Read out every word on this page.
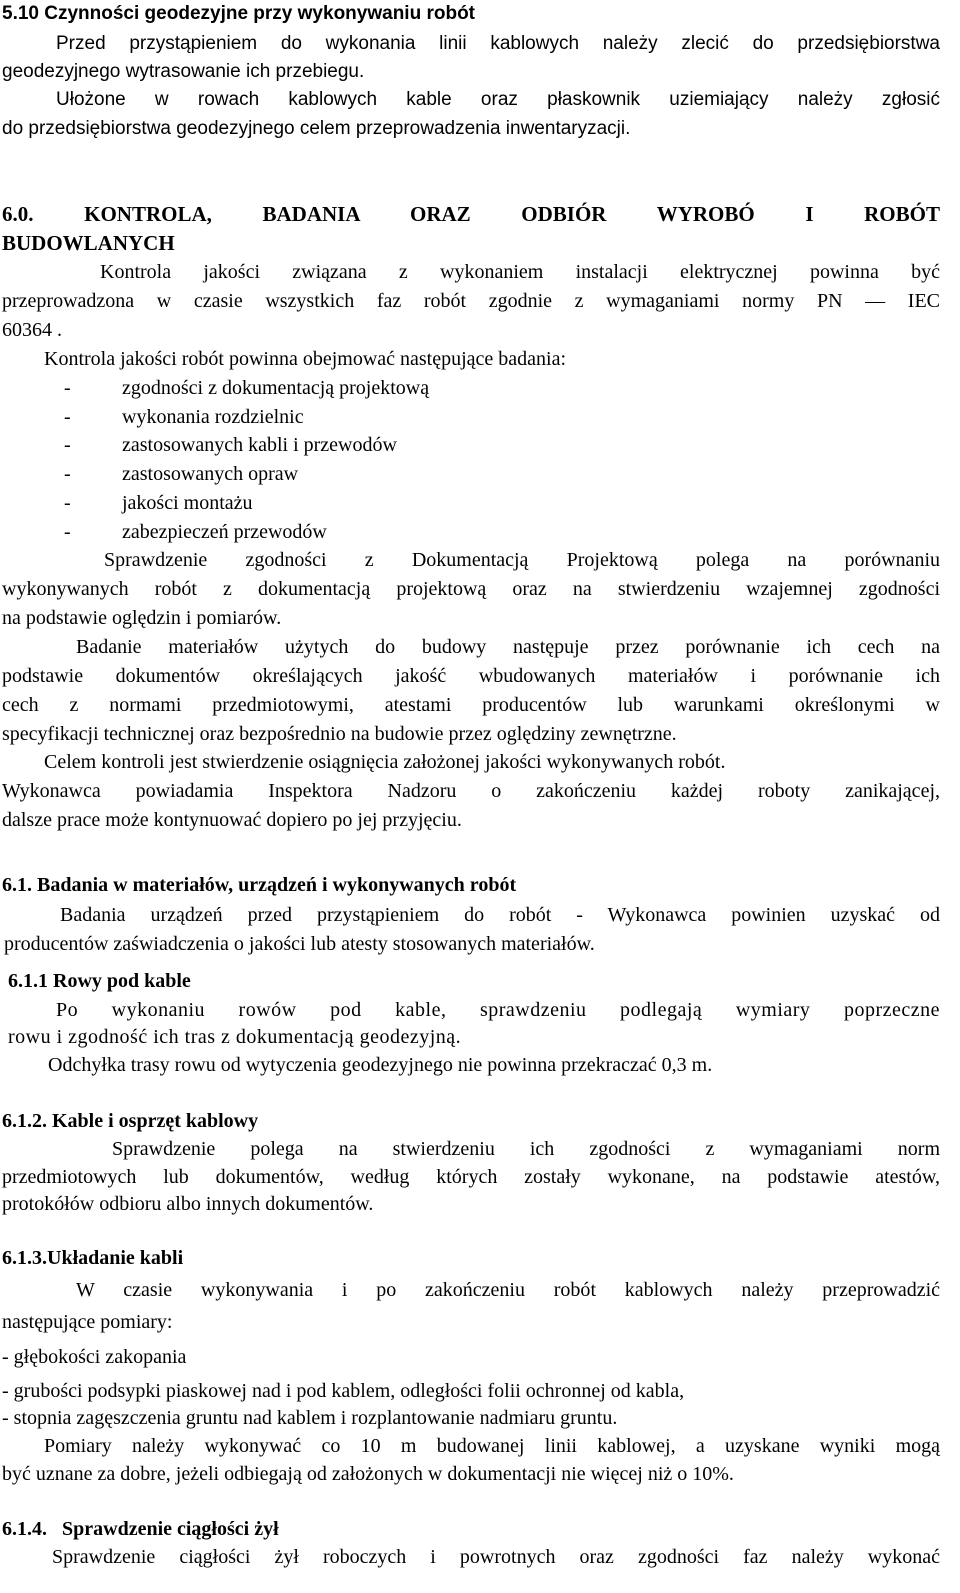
5.10 Czynności geodezyjne przy wykonywaniu robót
Przed przystąpieniem do wykonania linii kablowych należy zlecić do przedsiębiorstwa
geodezyjnego wytrasowanie ich przebiegu.
Ułożone w rowach kablowych kable oraz płaskownik uziemiający należy zgłosić
do przedsiębiorstwa geodezyjnego celem przeprowadzenia inwentaryzacji.
6.0. KONTROLA, BADANIA ORAZ ODBIÓR WYROBÓ I ROBÓT
BUDOWLANYCH
Kontrola jakości związana z wykonaniem instalacji elektrycznej powinna być
przeprowadzona w czasie wszystkich faz robót zgodnie z wymaganiami normy PN — IEC
60364 .
Kontrola jakości robót powinna obejmować następujące badania:
-	zgodności z dokumentacją projektową
-	wykonania rozdzielnic
-	zastosowanych kabli i przewodów
-	zastosowanych opraw
-	jakości montażu
-	zabezpieczeń przewodów
Sprawdzenie zgodności z Dokumentacją Projektową polega na porównaniu
wykonywanych robót z dokumentacją projektową oraz na stwierdzeniu wzajemnej zgodności
na podstawie oględzin i pomiarów.
Badanie materiałów użytych do budowy następuje przez porównanie ich cech na
podstawie dokumentów określających jakość wbudowanych materiałów i porównanie ich
cech z normami przedmiotowymi, atestami producentów lub warunkami określonymi w
specyfikacji technicznej oraz bezpośrednio na budowie przez oględziny zewnętrzne.
Celem kontroli jest stwierdzenie osiągnięcia założonej jakości wykonywanych robót.
Wykonawca powiadamia Inspektora Nadzoru o zakończeniu każdej roboty zanikającej,
dalsze prace może kontynuować dopiero po jej przyjęciu.
6.1. Badania w materiałów, urządzeń i wykonywanych robót
Badania urządzeń przed przystąpieniem do robót - Wykonawca powinien uzyskać od
producentów zaświadczenia o jakości lub atesty stosowanych materiałów.
6.1.1 Rowy pod kable
Po wykonaniu rowów pod kable, sprawdzeniu podlegają wymiary poprzeczne
rowu i zgodność ich tras z dokumentacją geodezyjną.
Odchyłka trasy rowu od wytyczenia geodezyjnego nie powinna przekraczać 0,3 m.
6.1.2. Kable i osprzęt kablowy
Sprawdzenie polega na stwierdzeniu ich zgodności z wymaganiami norm
przedmiotowych lub dokumentów, według których zostały wykonane, na podstawie atestów,
protokółów odbioru albo innych dokumentów.
6.1.3.Układanie kabli
W czasie wykonywania i po zakończeniu robót kablowych należy przeprowadzić
następujące pomiary:
- głębokości zakopania
- grubości podsypki piaskowej nad i pod kablem, odległości folii ochronnej od kabla,
- stopnia zagęszczenia gruntu nad kablem i rozplantowanie nadmiaru gruntu.
Pomiary należy wykonywać co 10 m budowanej linii kablowej, a uzyskane wyniki mogą
być uznane za dobre, jeżeli odbiegają od założonych w dokumentacji nie więcej niż o 10%.
6.1.4.   Sprawdzenie ciągłości żył
Sprawdzenie ciągłości żył roboczych i powrotnych oraz zgodności faz należy wykonać
